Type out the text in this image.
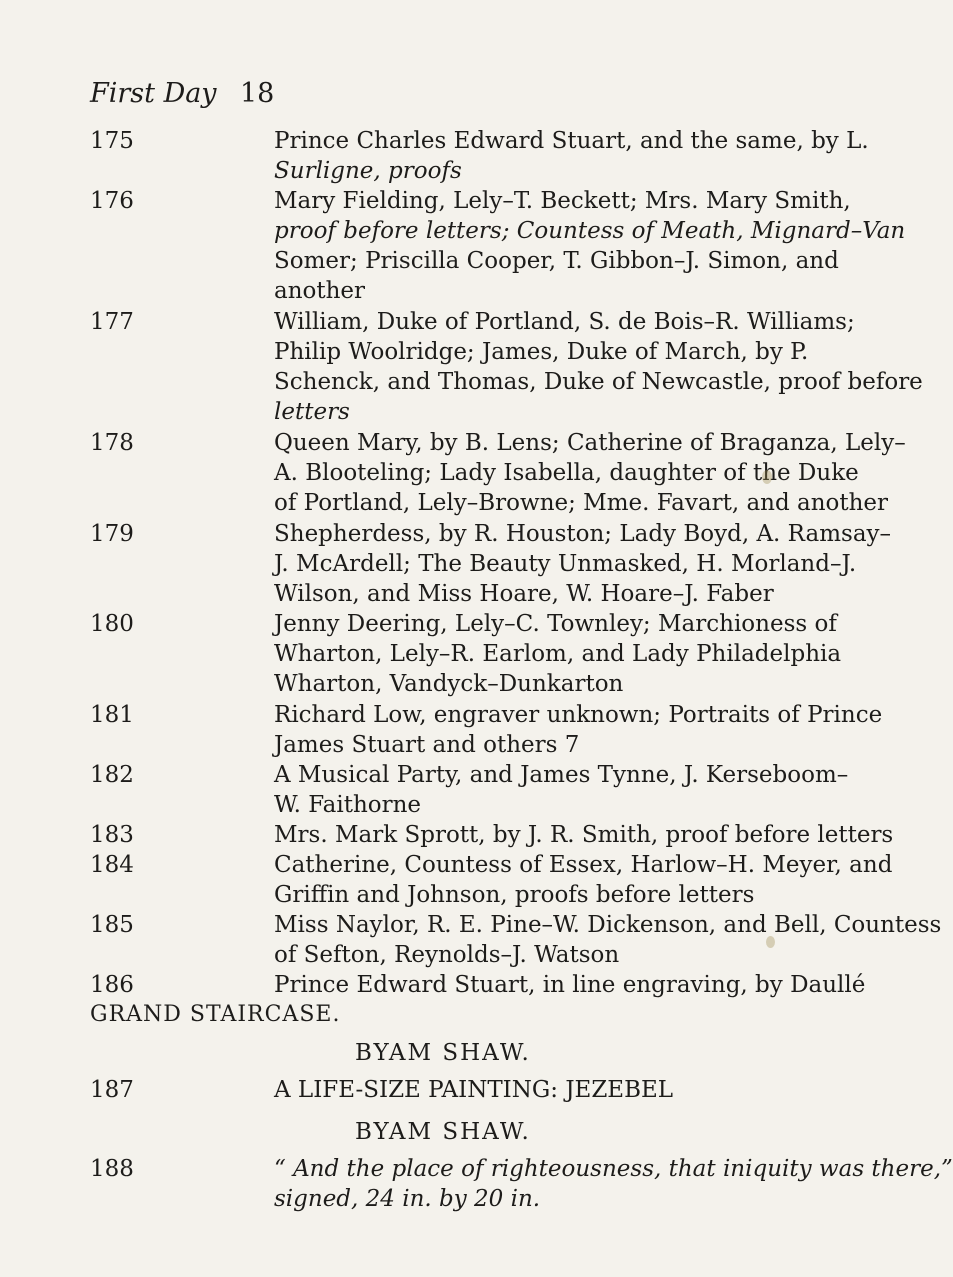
First Day 18
175	Prince Charles Edward Stuart, and the same, by L.
Surligne, proofs
176	Mary Fielding, Lely–T. Beckett; Mrs. Mary Smith,
proof before letters; Countess of Meath, Mignard–Van
Somer; Priscilla Cooper, T. Gibbon–J. Simon, and
another
177	William, Duke of Portland, S. de Bois–R. Williams;
Philip Woolridge; James, Duke of March, by P.
Schenck, and Thomas, Duke of Newcastle, proof before
letters
178	Queen Mary, by B. Lens; Catherine of Braganza, Lely–
A. Blooteling; Lady Isabella, daughter of the Duke
of Portland, Lely–Browne; Mme. Favart, and another
179	Shepherdess, by R. Houston; Lady Boyd, A. Ramsay–
J. McArdell; The Beauty Unmasked, H. Morland–J.
Wilson, and Miss Hoare, W. Hoare–J. Faber
180	Jenny Deering, Lely–C. Townley; Marchioness of
Wharton, Lely–R. Earlom, and Lady Philadelphia
Wharton, Vandyck–Dunkarton
181	Richard Low, engraver unknown; Portraits of Prince
James Stuart and others 7
182	A Musical Party, and James Tynne, J. Kerseboom–
W. Faithorne
183	Mrs. Mark Sprott, by J. R. Smith, proof before letters
184	Catherine, Countess of Essex, Harlow–H. Meyer, and
Griffin and Johnson, proofs before letters
185	Miss Naylor, R. E. Pine–W. Dickenson, and Bell, Countess
of Sefton, Reynolds–J. Watson
186	Prince Edward Stuart, in line engraving, by Daullé
GRAND STAIRCASE.
BYAM SHAW.
187	A LIFE-SIZE PAINTING: JEZEBEL
BYAM SHAW.
188	“ And the place of righteousness, that iniquity was there,”
signed, 24 in. by 20 in.
